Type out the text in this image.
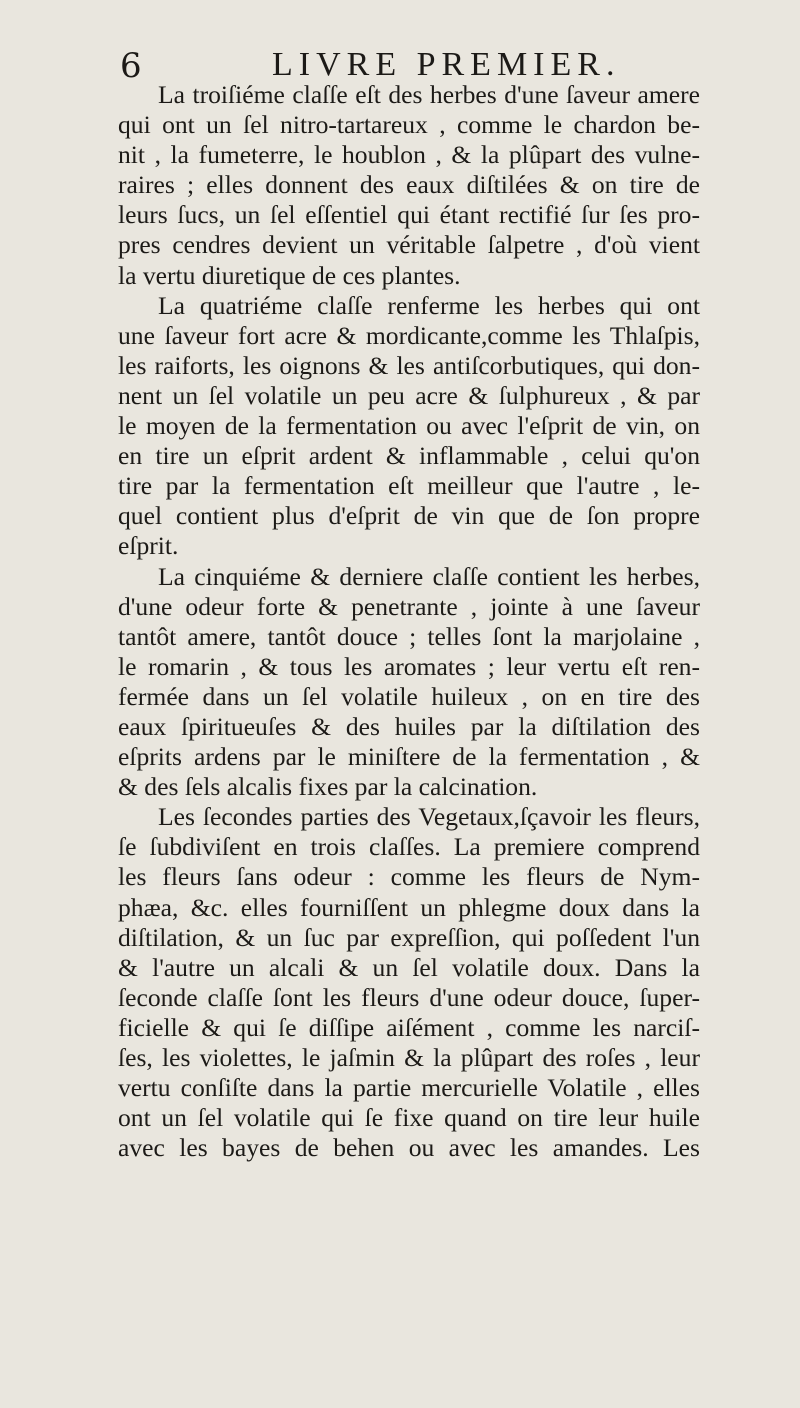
6	LIVRE PREMIER.
La troiſiéme claſſe eſt des herbes d'une ſaveur amere
qui ont un ſel nitro-tartareux , comme le chardon be-
nit , la fumeterre, le houblon , & la plûpart des vulne-
raires ; elles donnent des eaux diſtilées & on tire de
leurs ſucs, un ſel eſſentiel qui étant rectifié ſur ſes pro-
pres cendres devient un véritable ſalpetre , d'où vient
la vertu diuretique de ces plantes.
La quatriéme claſſe renferme les herbes qui ont
une ſaveur fort acre & mordicante,comme les Thlaſpis,
les raiforts, les oignons & les antiſcorbutiques, qui don-
nent un ſel volatile un peu acre & ſulphureux , & par
le moyen de la fermentation ou avec l'eſprit de vin, on
en tire un eſprit ardent & inflammable , celui qu'on
tire par la fermentation eſt meilleur que l'autre , le-
quel contient plus d'eſprit de vin que de ſon propre
eſprit.
La cinquiéme & derniere claſſe contient les herbes,
d'une odeur forte & penetrante , jointe à une ſaveur
tantôt amere, tantôt douce ; telles ſont la marjolaine ,
le romarin , & tous les aromates ; leur vertu eſt ren-
fermée dans un ſel volatile huileux , on en tire des
eaux ſpiritueuſes & des huiles par la diſtilation des
eſprits ardens par le miniſtere de la fermentation , &
& des ſels alcalis fixes par la calcination.
Les ſecondes parties des Vegetaux,ſçavoir les fleurs,
ſe ſubdiviſent en trois claſſes. La premiere comprend
les fleurs ſans odeur : comme les fleurs de Nym-
phæa, &c. elles fourniſſent un phlegme doux dans la
diſtilation, & un ſuc par expreſſion, qui poſſedent l'un
& l'autre un alcali & un ſel volatile doux. Dans la
ſeconde claſſe ſont les fleurs d'une odeur douce, ſuper-
ficielle & qui ſe diſſipe aiſément , comme les narciſ-
ſes, les violettes, le jaſmin & la plûpart des roſes , leur
vertu conſiſte dans la partie mercurielle Volatile , elles
ont un ſel volatile qui ſe fixe quand on tire leur huile
avec les bayes de behen ou avec les amandes. Les
